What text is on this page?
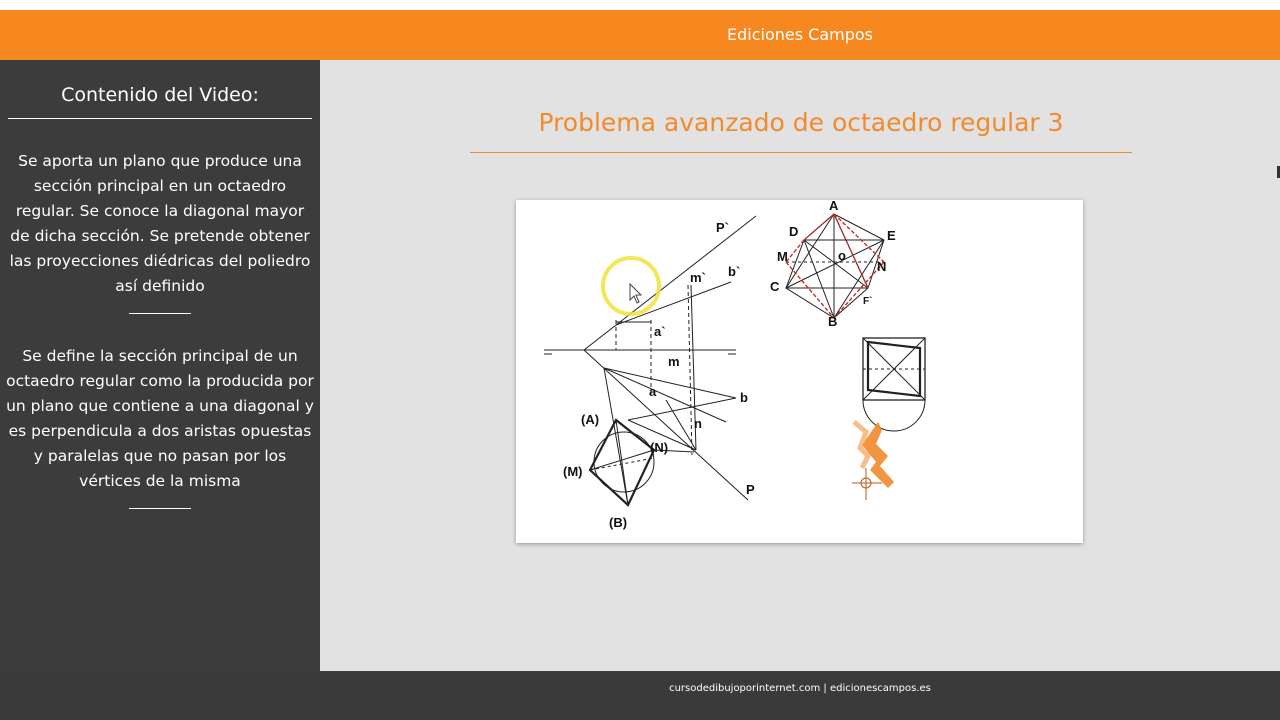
Ediciones Campos
Contenido del Video:
Se aporta un plano que produce una sección principal en un octaedro regular. Se conoce la diagonal mayor de dicha sección. Se pretende obtener las proyecciones diédricas del poliedro así definido
Se define la sección principal de un octaedro regular como la producida por un plano que contiene a una diagonal y es perpendicula a dos aristas opuestas y paralelas que no pasan por los vértices de la misma
Problema avanzado de octaedro regular 3
P`
b`
m`
a`
m
a	b
n
P
(A)
(M)
(N)
(B)
A
D	E
M	o
N
C
F`
B
cursodedibujoporinternet.com | edicionescampos.es
